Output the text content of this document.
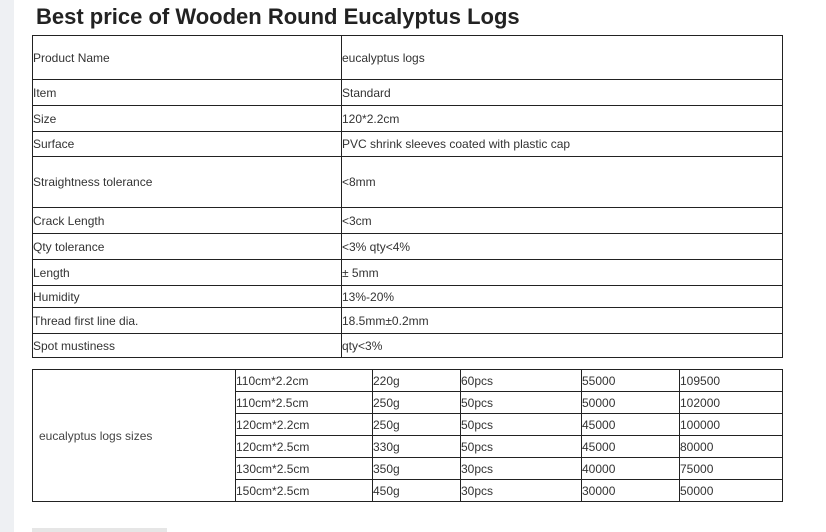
Best price of Wooden Round Eucalyptus Logs
Product Name	eucalyptus logs
Item	Standard
Size	120*2.2cm
Surface	PVC shrink sleeves coated with plastic cap
Straightness tolerance	<8mm
Crack Length	<3cm
Qty tolerance	<3% qty<4%
Length	± 5mm
Humidity	13%-20%
Thread first line dia.	18.5mm±0.2mm
Spot mustiness	qty<3%
eucalyptus logs sizes	110cm*2.2cm	220g	60pcs	55000	109500
	110cm*2.5cm	250g	50pcs	50000	102000
	120cm*2.2cm	250g	50pcs	45000	100000
	120cm*2.5cm	330g	50pcs	45000	80000
	130cm*2.5cm	350g	30pcs	40000	75000
	150cm*2.5cm	450g	30pcs	30000	50000
